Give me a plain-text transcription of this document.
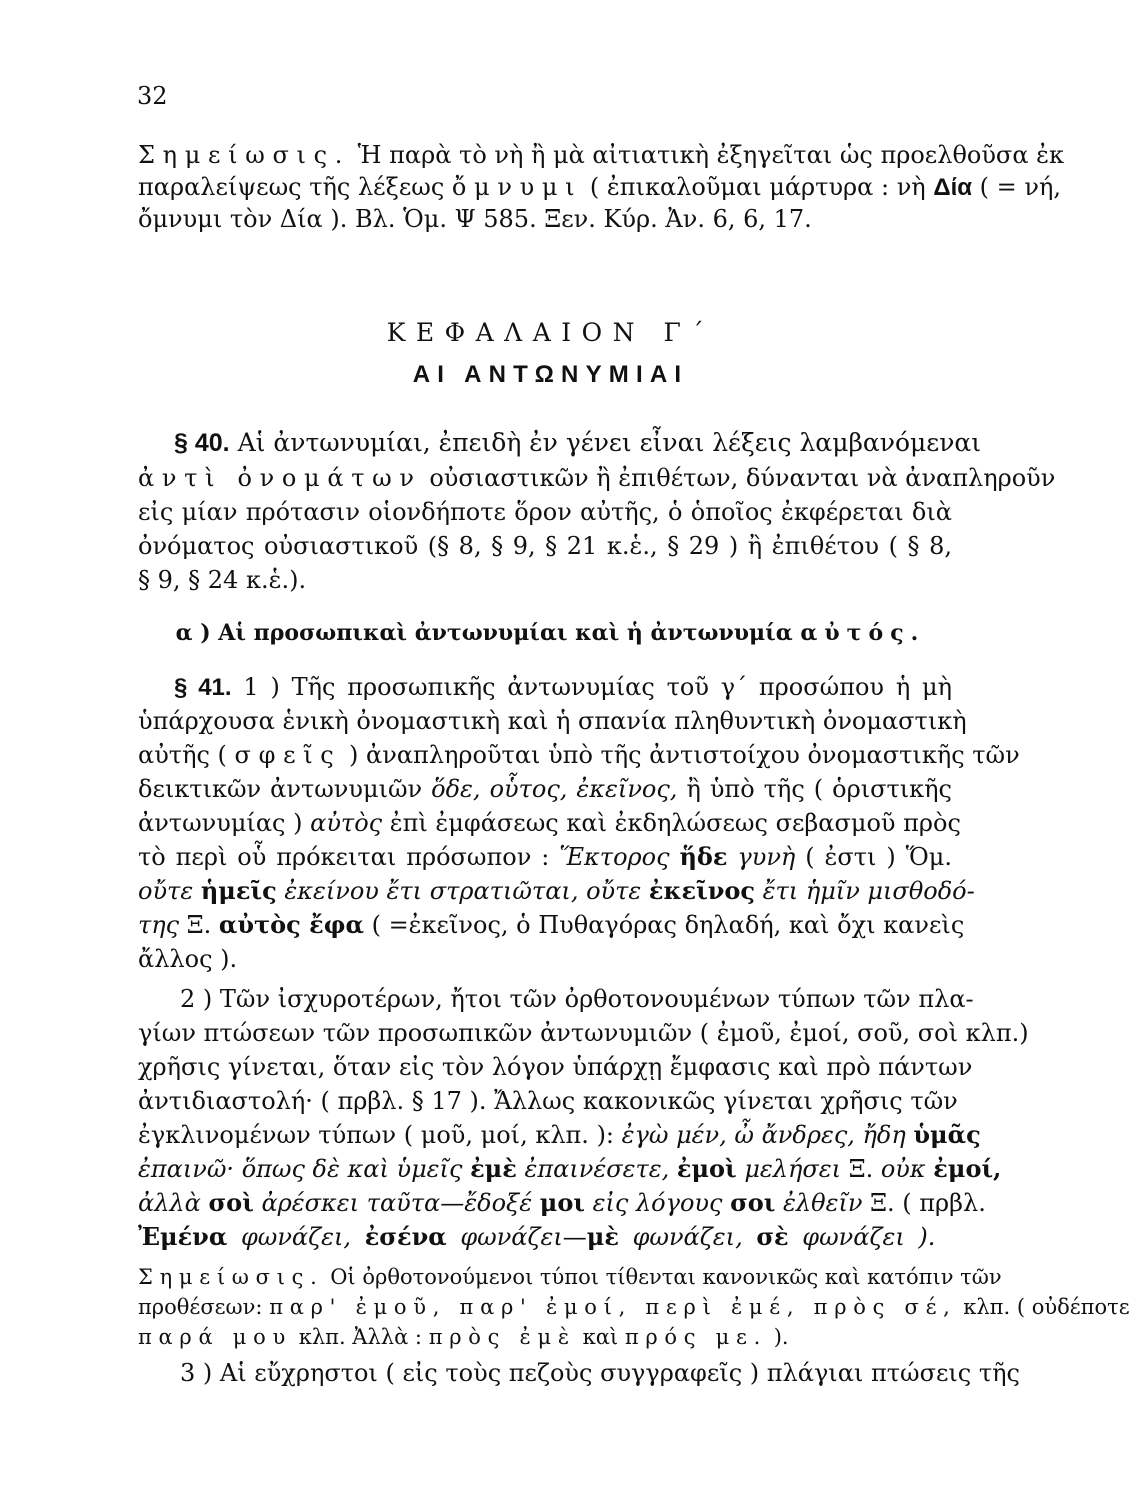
32
Σημείωσις. Ἡ παρὰ τὸ νὴ ἢ μὰ αἰτιατικὴ ἐξηγεῖται ὡς προελθοῦσα ἐκ
παραλείψεως τῆς λέξεως ὄμνυμι ( ἐπικαλοῦμαι μάρτυρα : νὴ Δία ( = νή,
ὄμνυμι τὸν Δία ). Βλ. Ὁμ. Ψ 585. Ξεν. Κύρ. Ἀν. 6, 6, 17.
ΚΕΦΑΛΑΙΟΝ Γ΄
ΑΙ ΑΝΤΩΝΥΜΙΑΙ
§ 40. Αἱ ἀντωνυμίαι, ἐπειδὴ ἐν γένει εἶναι λέξεις λαμβανόμεναι
ἀντὶ ὀνομάτων οὐσιαστικῶν ἢ ἐπιθέτων, δύνανται νὰ ἀναπληροῦν
εἰς μίαν πρότασιν οἱονδήποτε ὅρον αὐτῆς, ὁ ὁποῖος ἐκφέρεται διὰ
ὀνόματος οὐσιαστικοῦ (§ 8, § 9, § 21 κ.ἑ., § 29 ) ἢ ἐπιθέτου ( § 8,
§ 9, § 24 κ.ἑ.).
α ) Αἱ προσωπικαὶ ἀντωνυμίαι καὶ ἡ ἀντωνυμία αὐτός.
§ 41. 1 ) Τῆς προσωπικῆς ἀντωνυμίας τοῦ γ΄ προσώπου ἡ μὴ
ὑπάρχουσα ἑνικὴ ὀνομαστικὴ καὶ ἡ σπανία πληθυντικὴ ὀνομαστικὴ
αὐτῆς ( σφεῖς ) ἀναπληροῦται ὑπὸ τῆς ἀντιστοίχου ὀνομαστικῆς τῶν
δεικτικῶν ἀντωνυμιῶν ὅδε, οὗτος, ἐκεῖνος, ἢ ὑπὸ τῆς ( ὁριστικῆς
ἀντωνυμίας ) αὐτὸς ἐπὶ ἐμφάσεως καὶ ἐκδηλώσεως σεβασμοῦ πρὸς
τὸ περὶ οὗ πρόκειται πρόσωπον : Ἕκτορος ἥδε γυνὴ ( ἐστι ) Ὅμ.
οὔτε ἡμεῖς ἐκείνου ἔτι στρατιῶται, οὔτε ἐκεῖνος ἔτι ἡμῖν μισθοδό-
της Ξ. αὐτὸς ἔφα ( =ἐκεῖνος, ὁ Πυθαγόρας δηλαδή, καὶ ὄχι κανεὶς
ἄλλος ).
2 ) Τῶν ἰσχυροτέρων, ἤτοι τῶν ὀρθοτονουμένων τύπων τῶν πλα-
γίων πτώσεων τῶν προσωπικῶν ἀντωνυμιῶν ( ἐμοῦ, ἐμοί, σοῦ, σοὶ κλπ.)
χρῆσις γίνεται, ὅταν εἰς τὸν λόγον ὑπάρχῃ ἔμφασις καὶ πρὸ πάντων
ἀντιδιαστολή· ( πρβλ. § 17 ). Ἄλλως κακονικῶς γίνεται χρῆσις τῶν
ἐγκλινομένων τύπων ( μοῦ, μοί, κλπ. ): ἐγὼ μέν, ὦ ἄνδρες, ἤδη ὑμᾶς
ἐπαινῶ· ὅπως δὲ καὶ ὑμεῖς ἐμὲ ἐπαινέσετε, ἐμοὶ μελήσει Ξ. οὐκ ἐμοί,
ἀλλὰ σοὶ ἀρέσκει ταῦτα—ἔδοξέ μοι εἰς λόγους σοι ἐλθεῖν Ξ. ( πρβλ.
Ἐμένα φωνάζει, ἐσένα φωνάζει—μὲ φωνάζει, σὲ φωνάζει ).
Σημείωσις. Οἱ ὀρθοτονούμενοι τύποι τίθενται κανονικῶς καὶ κατόπιν τῶν
προθέσεων: παρ' ἐμοῦ, παρ' ἐμοί, περὶ ἐμέ, πρὸς σέ, κλπ. ( οὐδέποτε
παρά μου κλπ. Ἀλλὰ : πρὸς ἐμὲ καὶ πρός με. ).
3 ) Αἱ εὔχρηστοι ( εἰς τοὺς πεζοὺς συγγραφεῖς ) πλάγιαι πτώσεις τῆς
